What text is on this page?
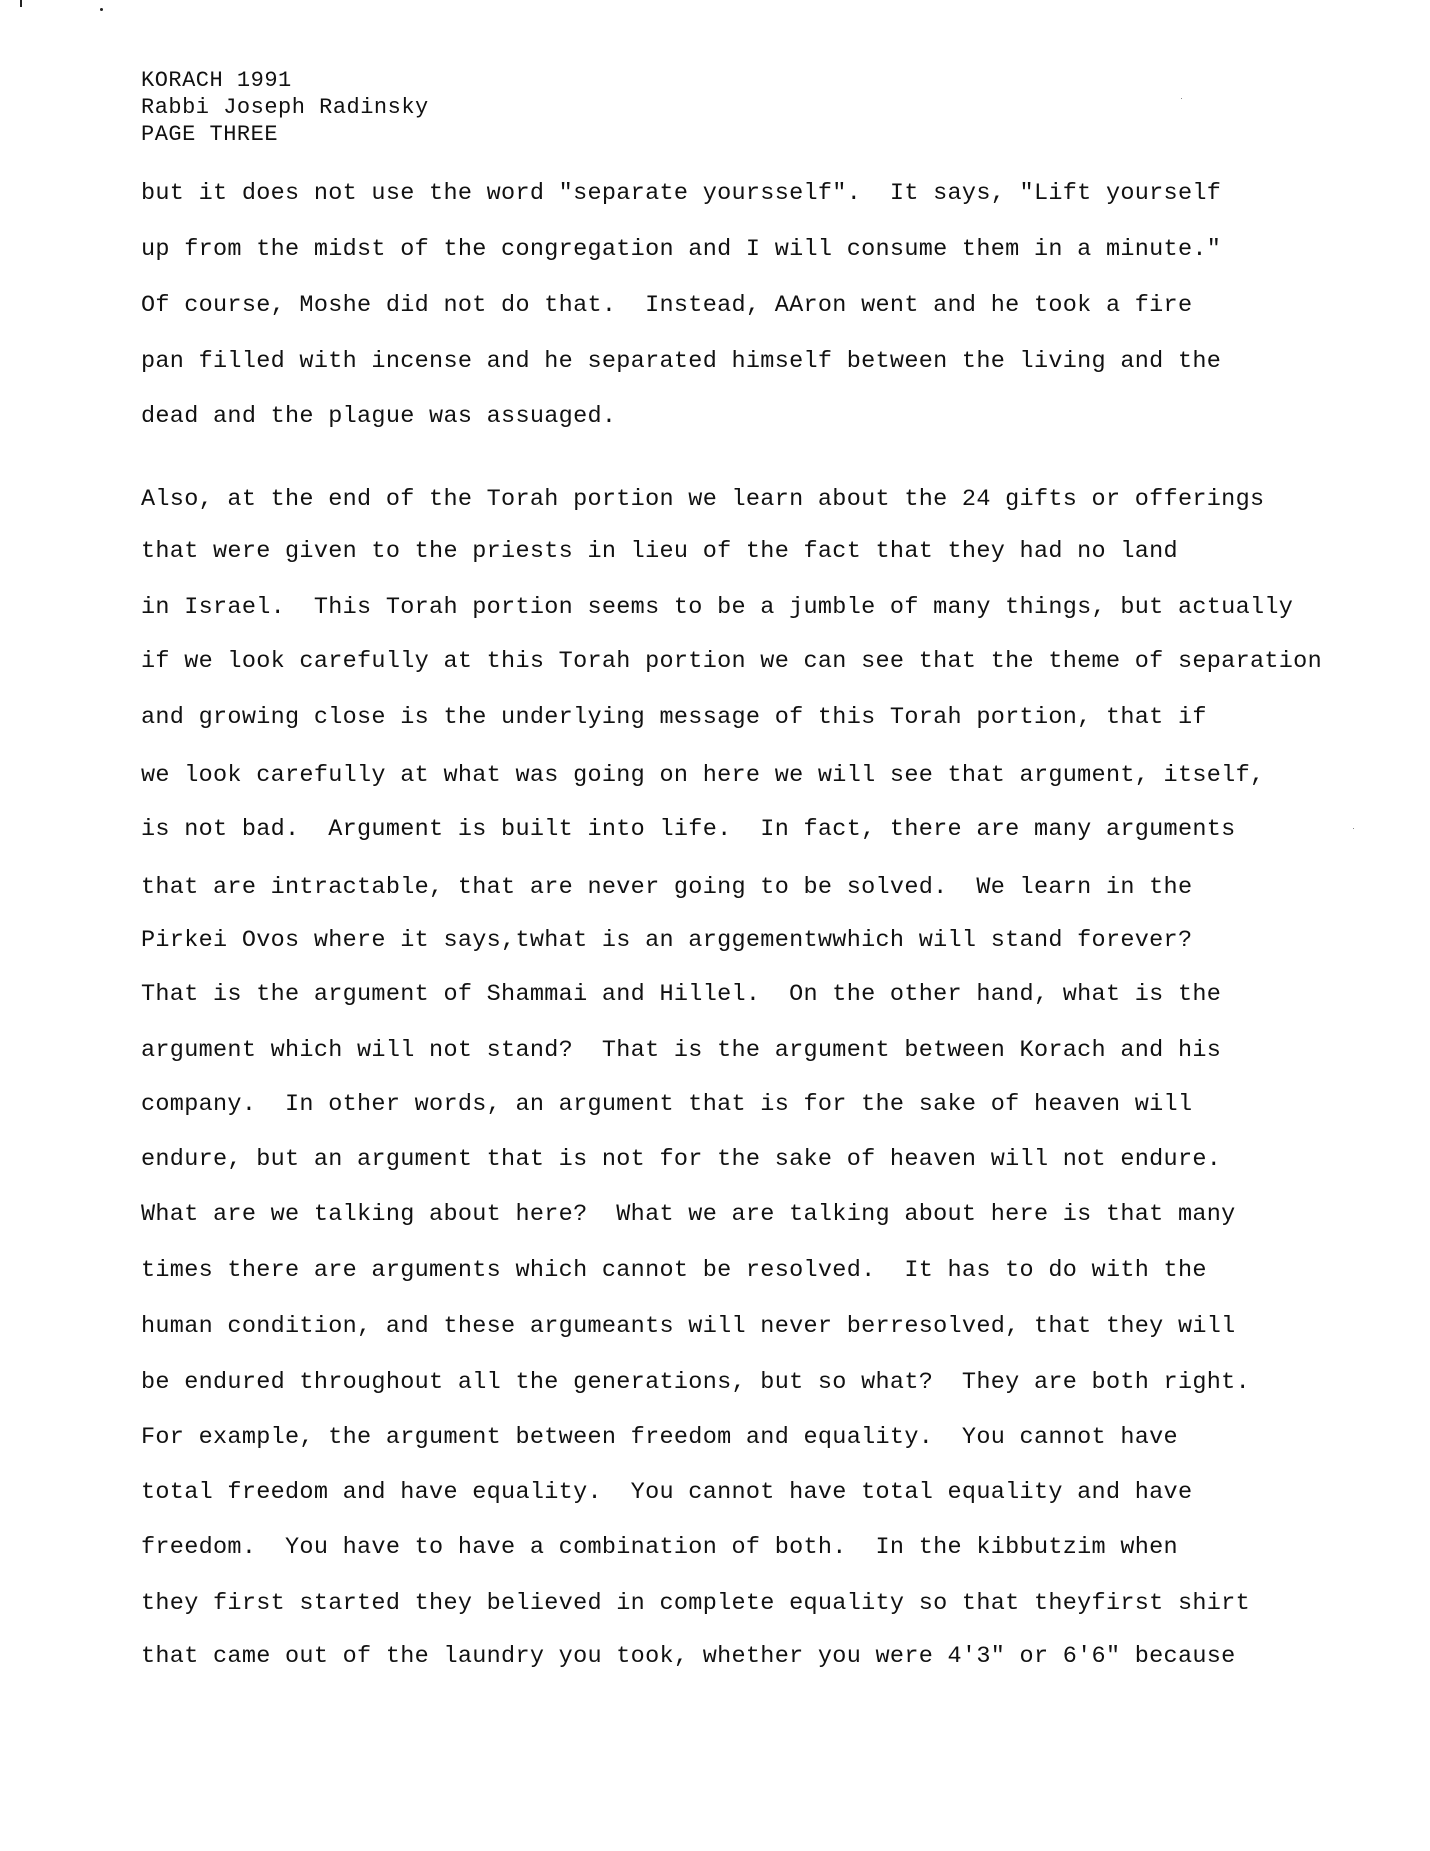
KORACH 1991
Rabbi Joseph Radinsky
PAGE THREE
but it does not use the word "separate yoursself".  It says, "Lift yourself
up from the midst of the congregation and I will consume them in a minute."
Of course, Moshe did not do that.  Instead, AAron went and he took a fire
pan filled with incense and he separated himself between the living and the
dead and the plague was assuaged.
Also, at the end of the Torah portion we learn about the 24 gifts or offerings
that were given to the priests in lieu of the fact that they had no land
in Israel.  This Torah portion seems to be a jumble of many things, but actually
if we look carefully at this Torah portion we can see that the theme of separation
and growing close is the underlying message of this Torah portion, that if
we look carefully at what was going on here we will see that argument, itself,
is not bad.  Argument is built into life.  In fact, there are many arguments
that are intractable, that are never going to be solved.  We learn in the
Pirkei Ovos where it says,twhat is an arggementwwhich will stand forever?
That is the argument of Shammai and Hillel.  On the other hand, what is the
argument which will not stand?  That is the argument between Korach and his
company.  In other words, an argument that is for the sake of heaven will
endure, but an argument that is not for the sake of heaven will not endure.
What are we talking about here?  What we are talking about here is that many
times there are arguments which cannot be resolved.  It has to do with the
human condition, and these argumeants will never berresolved, that they will
be endured throughout all the generations, but so what?  They are both right.
For example, the argument between freedom and equality.  You cannot have
total freedom and have equality.  You cannot have total equality and have
freedom.  You have to have a combination of both.  In the kibbutzim when
they first started they believed in complete equality so that theyfirst shirt
that came out of the laundry you took, whether you were 4'3" or 6'6" because
